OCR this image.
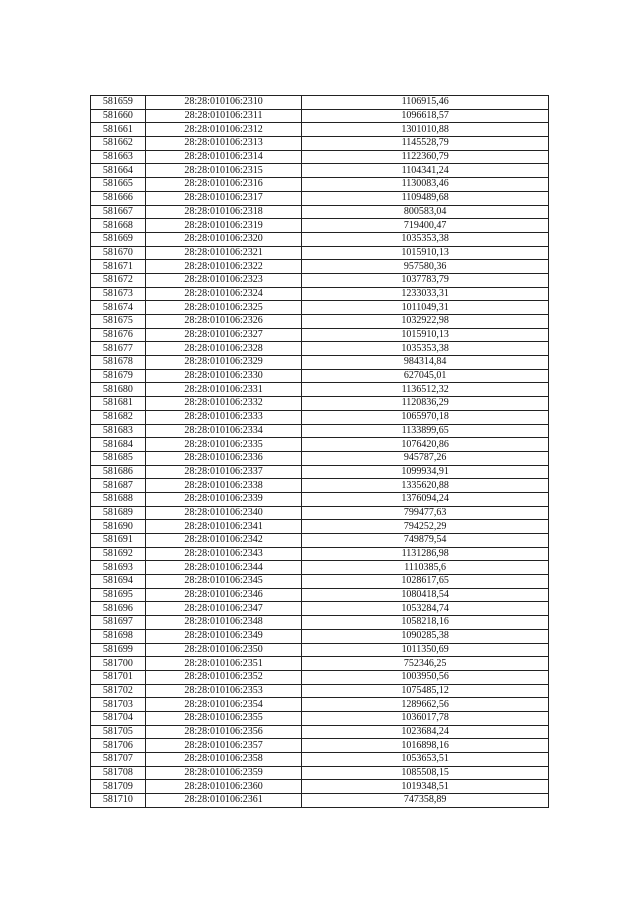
581659	28:28:010106:2310	1106915,46
581660	28:28:010106:2311	1096618,57
581661	28:28:010106:2312	1301010,88
581662	28:28:010106:2313	1145528,79
581663	28:28:010106:2314	1122360,79
581664	28:28:010106:2315	1104341,24
581665	28:28:010106:2316	1130083,46
581666	28:28:010106:2317	1109489,68
581667	28:28:010106:2318	800583,04
581668	28:28:010106:2319	719400,47
581669	28:28:010106:2320	1035353,38
581670	28:28:010106:2321	1015910,13
581671	28:28:010106:2322	957580,36
581672	28:28:010106:2323	1037783,79
581673	28:28:010106:2324	1233033,31
581674	28:28:010106:2325	1011049,31
581675	28:28:010106:2326	1032922,98
581676	28:28:010106:2327	1015910,13
581677	28:28:010106:2328	1035353,38
581678	28:28:010106:2329	984314,84
581679	28:28:010106:2330	627045,01
581680	28:28:010106:2331	1136512,32
581681	28:28:010106:2332	1120836,29
581682	28:28:010106:2333	1065970,18
581683	28:28:010106:2334	1133899,65
581684	28:28:010106:2335	1076420,86
581685	28:28:010106:2336	945787,26
581686	28:28:010106:2337	1099934,91
581687	28:28:010106:2338	1335620,88
581688	28:28:010106:2339	1376094,24
581689	28:28:010106:2340	799477,63
581690	28:28:010106:2341	794252,29
581691	28:28:010106:2342	749879,54
581692	28:28:010106:2343	1131286,98
581693	28:28:010106:2344	1110385,6
581694	28:28:010106:2345	1028617,65
581695	28:28:010106:2346	1080418,54
581696	28:28:010106:2347	1053284,74
581697	28:28:010106:2348	1058218,16
581698	28:28:010106:2349	1090285,38
581699	28:28:010106:2350	1011350,69
581700	28:28:010106:2351	752346,25
581701	28:28:010106:2352	1003950,56
581702	28:28:010106:2353	1075485,12
581703	28:28:010106:2354	1289662,56
581704	28:28:010106:2355	1036017,78
581705	28:28:010106:2356	1023684,24
581706	28:28:010106:2357	1016898,16
581707	28:28:010106:2358	1053653,51
581708	28:28:010106:2359	1085508,15
581709	28:28:010106:2360	1019348,51
581710	28:28:010106:2361	747358,89
